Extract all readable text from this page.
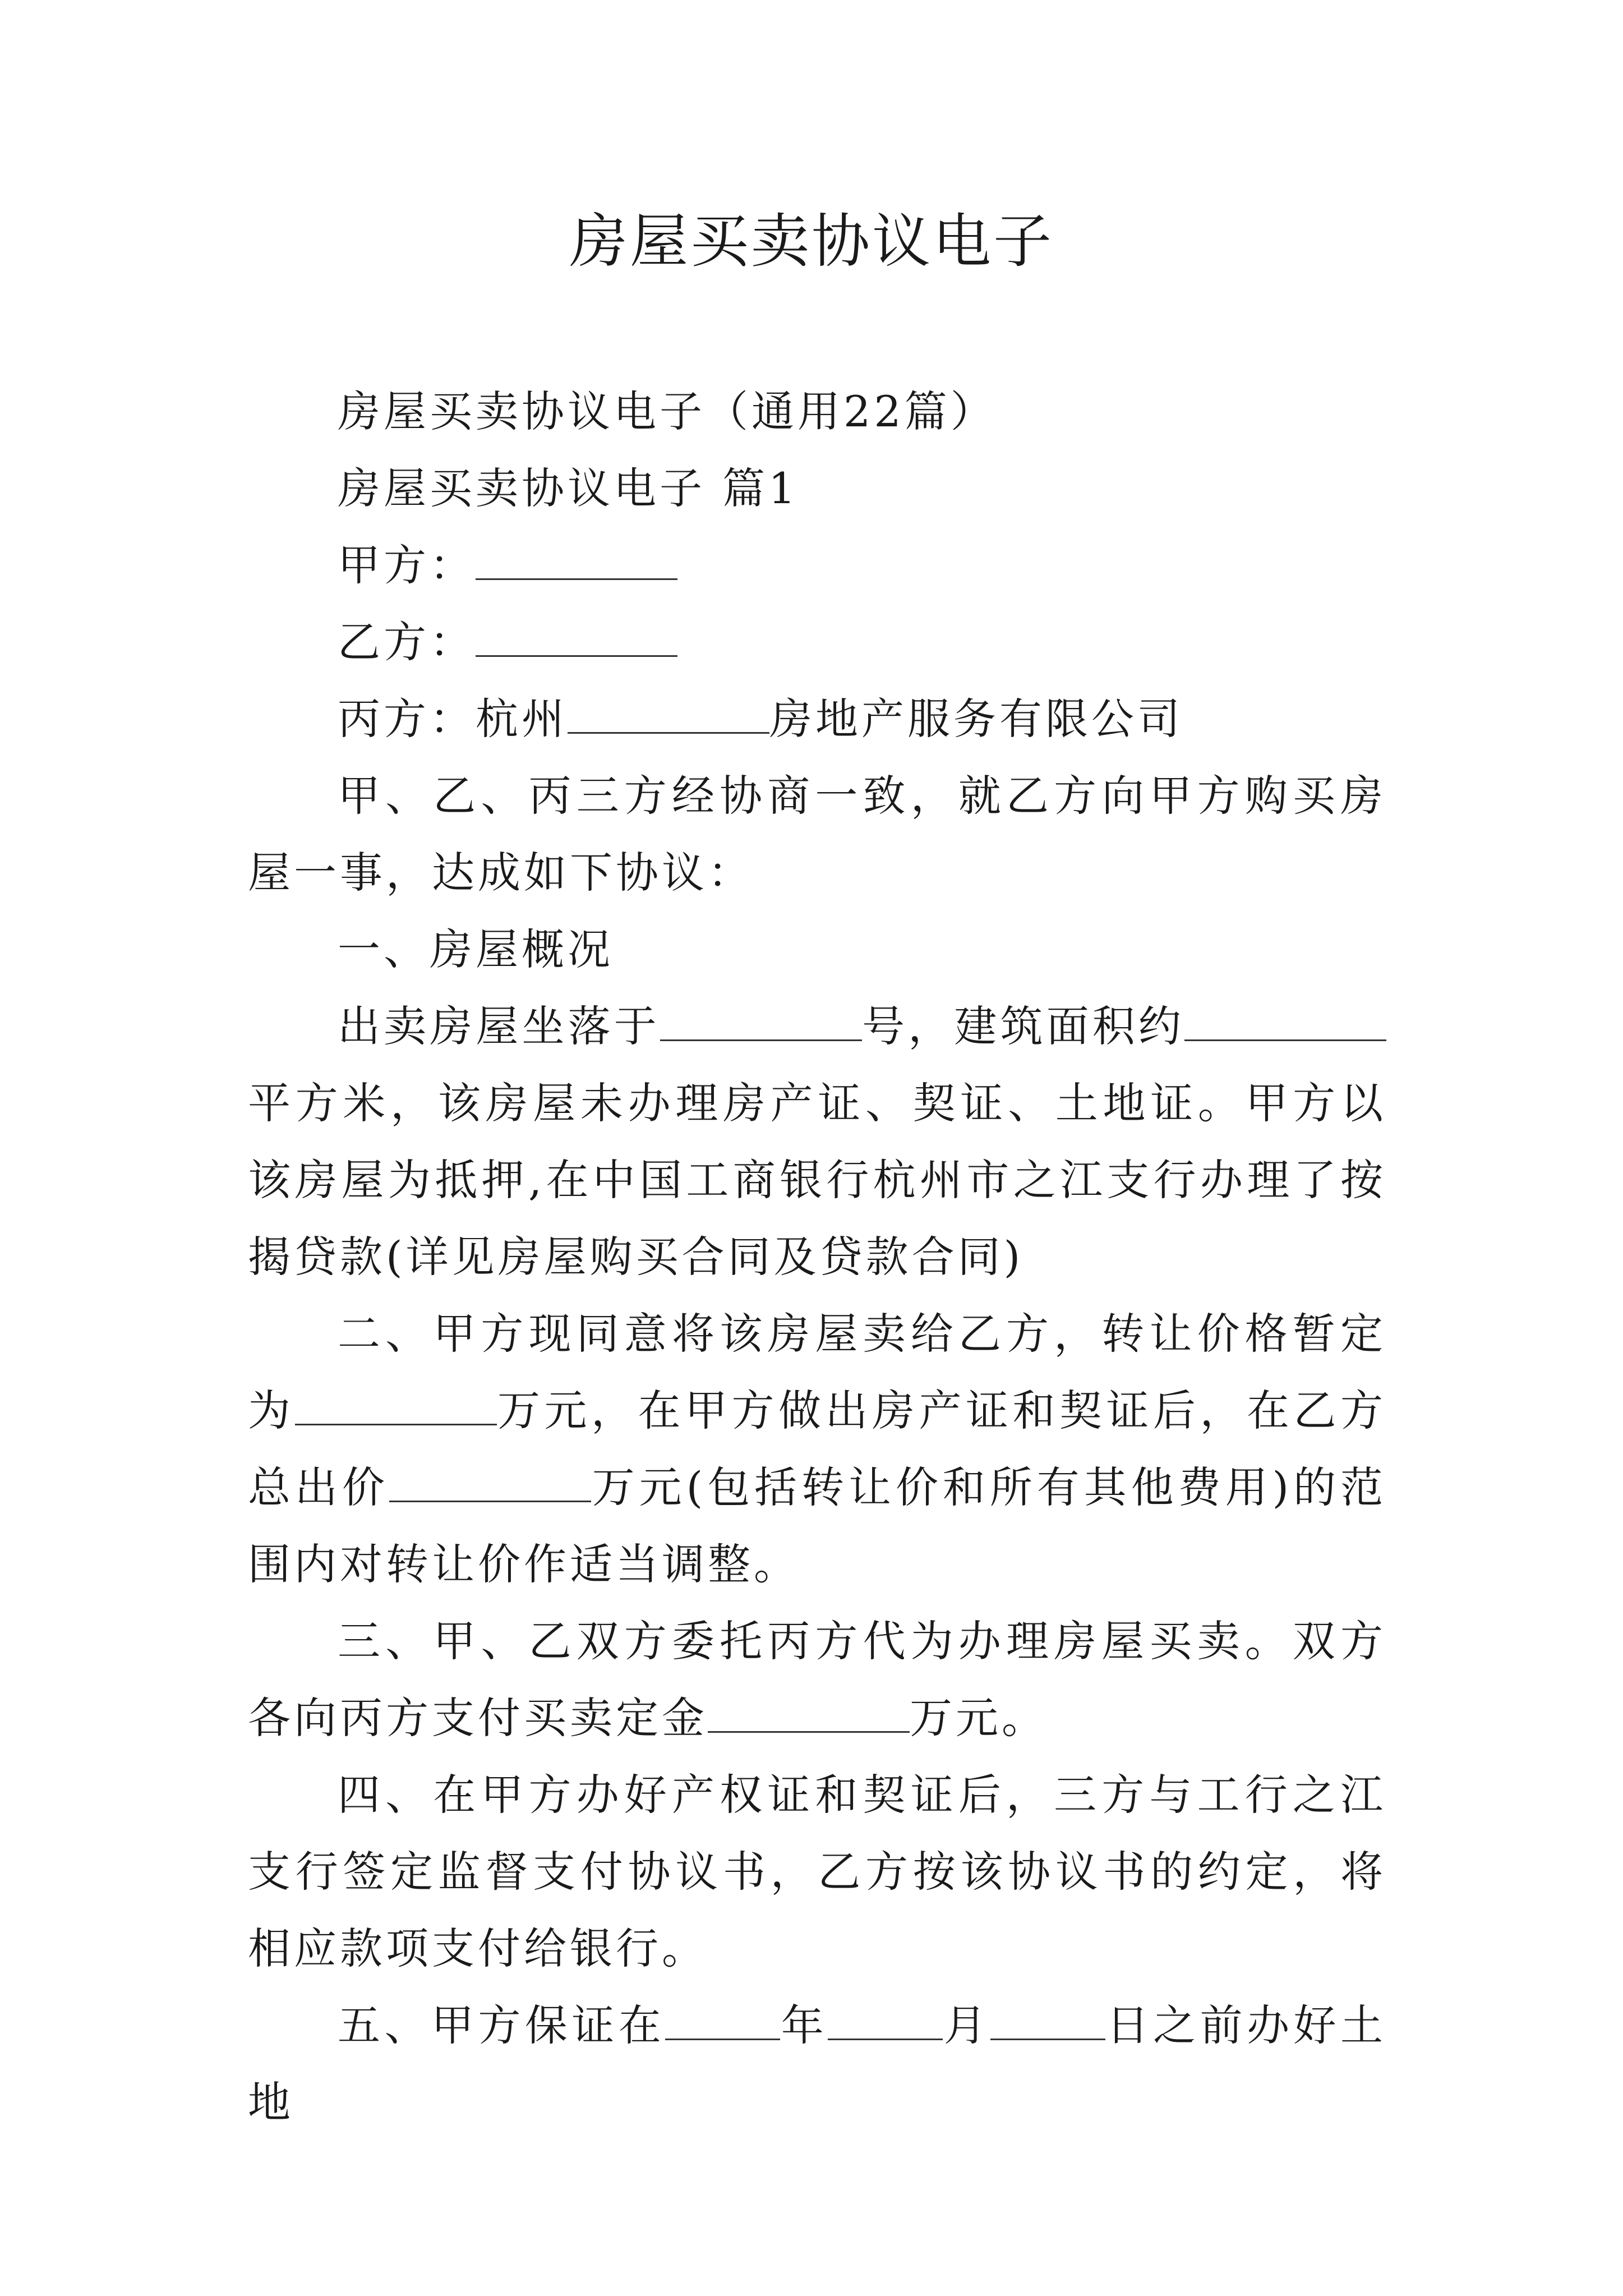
房屋买卖协议电子

房屋买卖协议电子（通用22篇）

房屋买卖协议电子 篇1

甲方：

乙方：

丙方：杭州	房地产服务有限公司

甲、乙、丙三方经协商一致，就乙方向甲方购买房屋一事，达成如下协议：

一、房屋概况

出卖房屋坐落于	号，建筑面积约平方米，该房屋未办理房产证、契证、土地证。甲方以该房屋为抵押,在中国工商银行杭州市之江支行办理了按揭贷款(详见房屋购买合同及贷款合同)

二、甲方现同意将该房屋卖给乙方，转让价格暂定为	万元，在甲方做出房产证和契证后，在乙方总出价	万元(包括转让价和所有其他费用)的范围内对转让价作适当调整。

三、甲、乙双方委托丙方代为办理房屋买卖。双方各向丙方支付买卖定金	万元。

四、在甲方办好产权证和契证后，三方与工行之江支行签定监督支付协议书，乙方按该协议书的约定，将相应款项支付给银行。

五、甲方保证在	年	月	日之前办好土地
